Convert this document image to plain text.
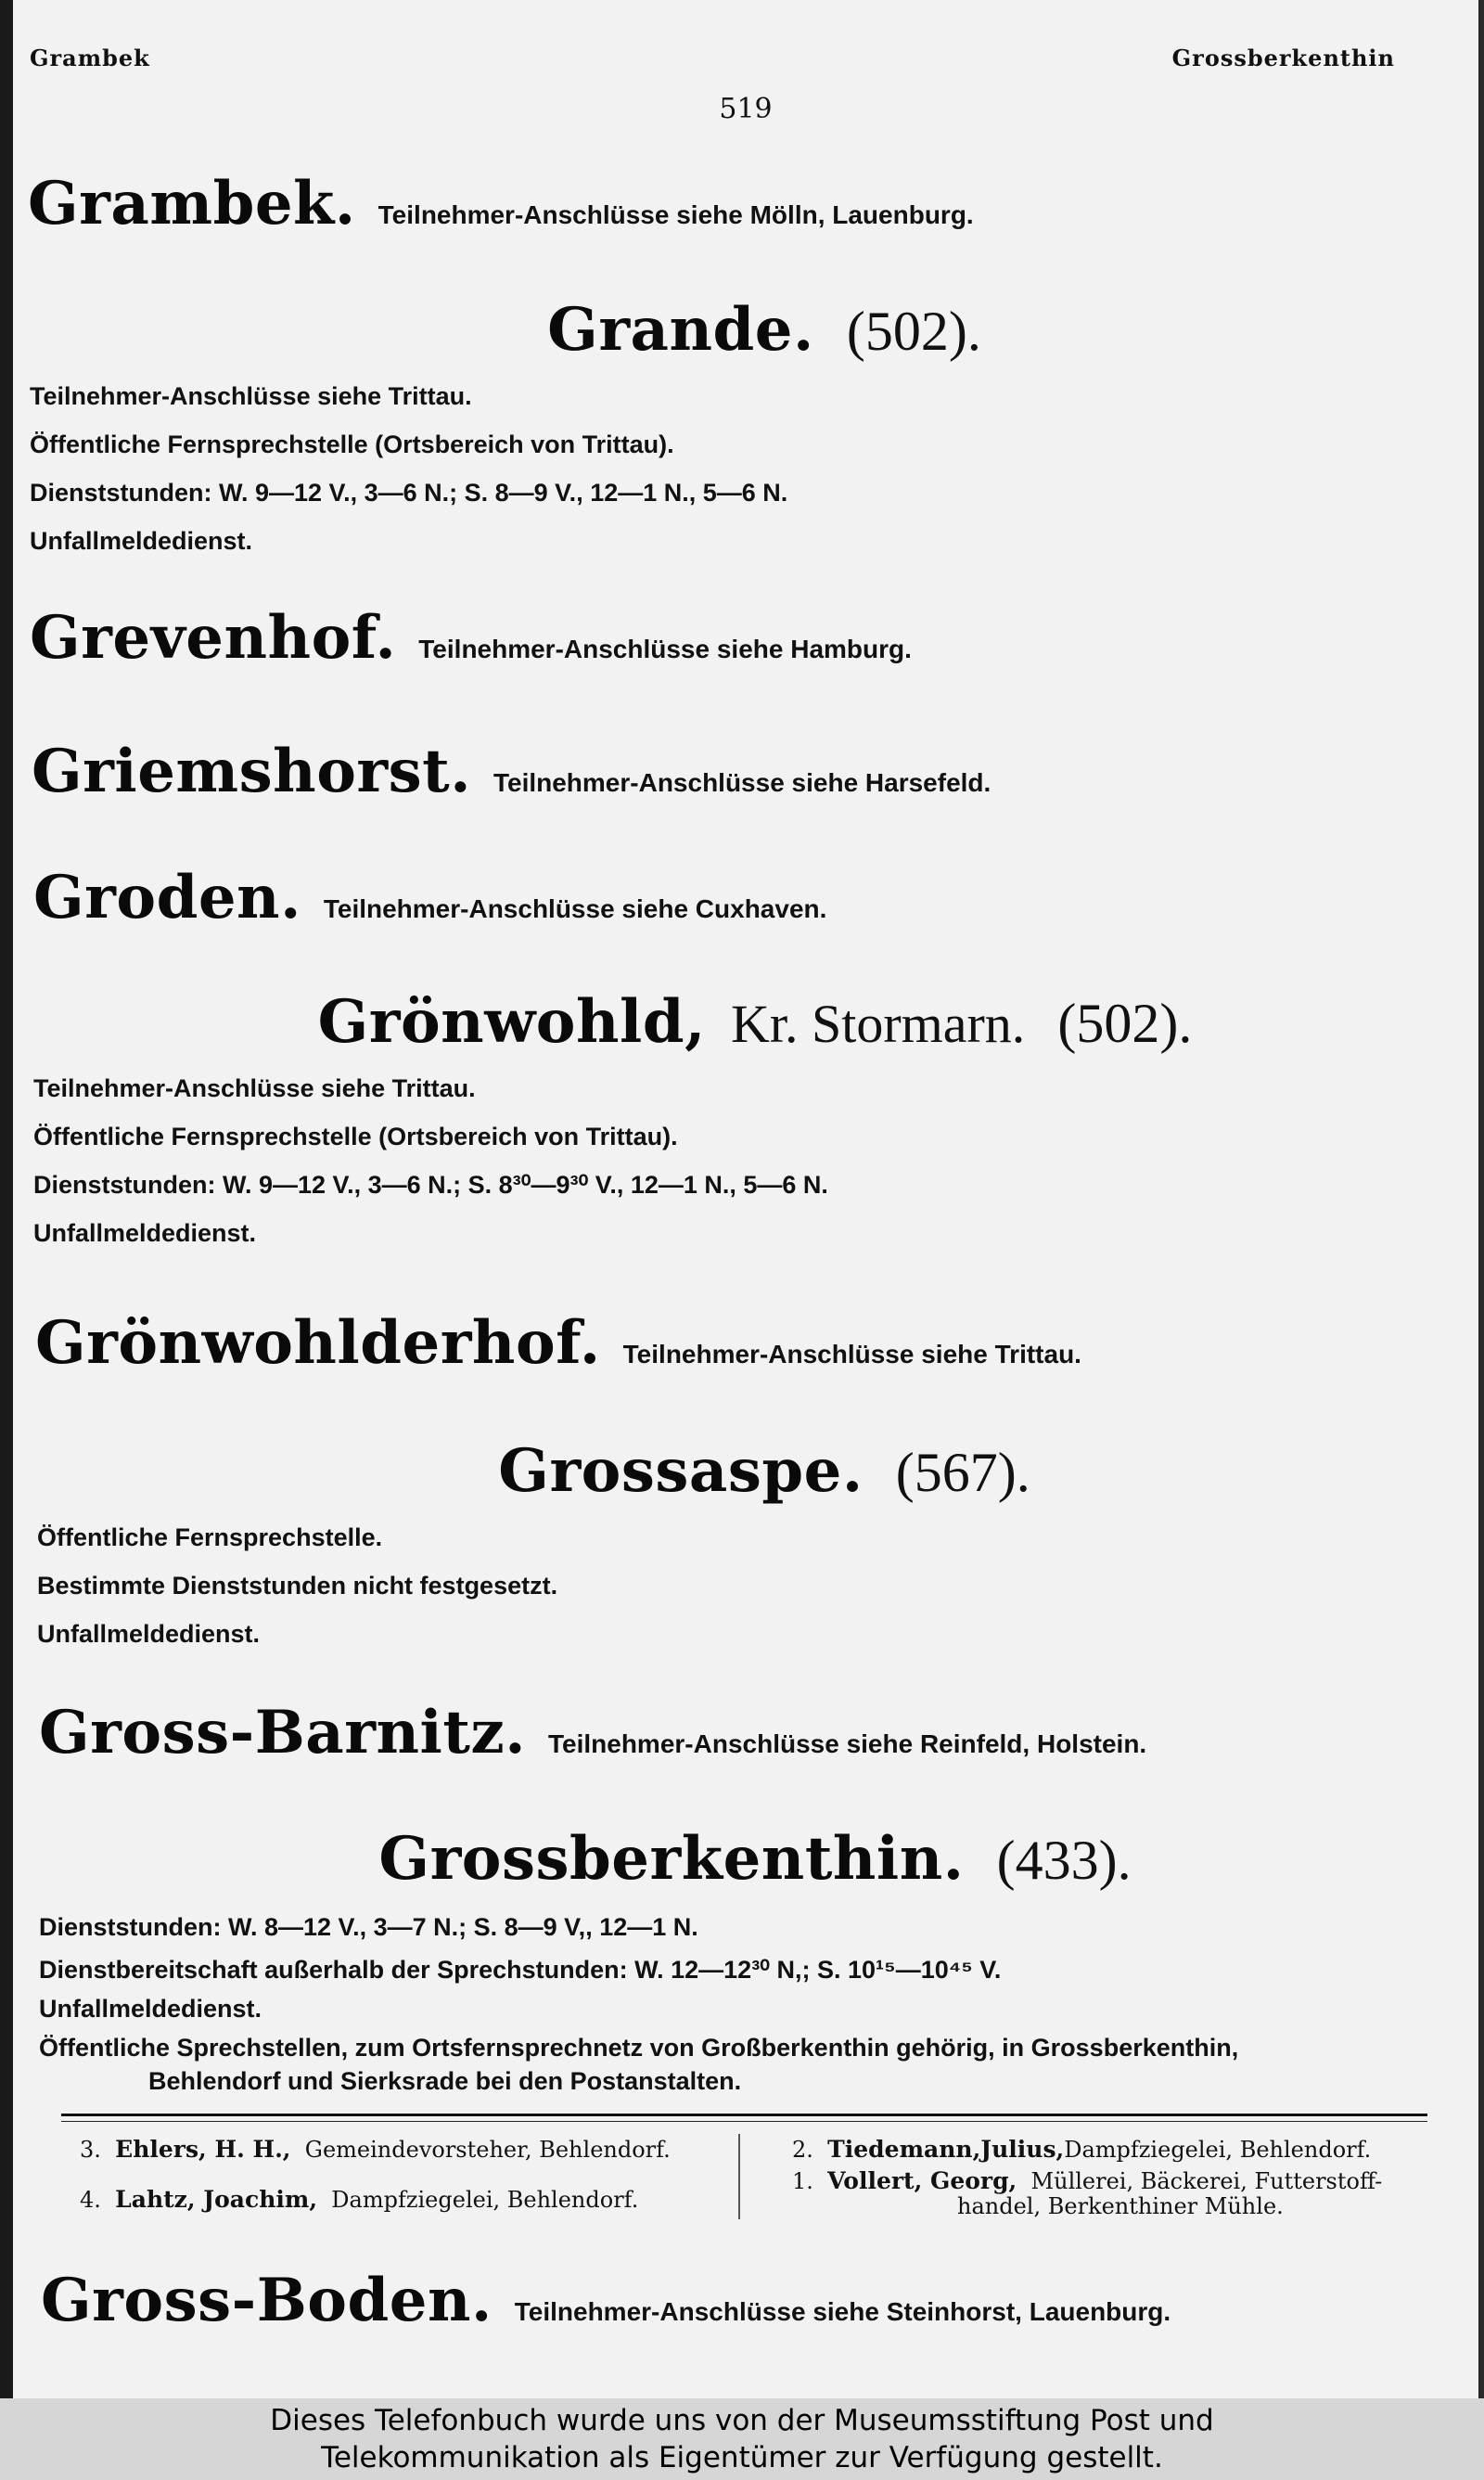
Grambek	Grossberkenthin
519
Grambek. Teilnehmer-Anschlüsse siehe Mölln, Lauenburg.
Grande. (502).
Teilnehmer-Anschlüsse siehe Trittau.
Öffentliche Fernsprechstelle (Ortsbereich von Trittau).
Dienststunden: W. 9—12 V., 3—6 N.; S. 8—9 V., 12—1 N., 5—6 N.
Unfallmeldedienst.
Grevenhof. Teilnehmer-Anschlüsse siehe Hamburg.
Griemshorst. Teilnehmer-Anschlüsse siehe Harsefeld.
Groden. Teilnehmer-Anschlüsse siehe Cuxhaven.
Grönwohld, Kr. Stormarn. (502).
Teilnehmer-Anschlüsse siehe Trittau.
Öffentliche Fernsprechstelle (Ortsbereich von Trittau).
Dienststunden: W. 9—12 V., 3—6 N.; S. 8³⁰—9³⁰ V., 12—1 N., 5—6 N.
Unfallmeldedienst.
Grönwohlderhof. Teilnehmer-Anschlüsse siehe Trittau.
Grossaspe. (567).
Öffentliche Fernsprechstelle.
Bestimmte Dienststunden nicht festgesetzt.
Unfallmeldedienst.
Gross-Barnitz. Teilnehmer-Anschlüsse siehe Reinfeld, Holstein.
Grossberkenthin. (433).
Dienststunden: W. 8—12 V., 3—7 N.; S. 8—9 V,, 12—1 N.
Dienstbereitschaft außerhalb der Sprechstunden: W. 12—12³⁰ N,; S. 10¹⁵—10⁴⁵ V.
Unfallmeldedienst.
Öffentliche Sprechstellen, zum Ortsfernsprechnetz von Großberkenthin gehörig, in Grossberkenthin,
Behlendorf und Sierksrade bei den Postanstalten.
3. Ehlers, H. H., Gemeindevorsteher, Behlendorf.
4. Lahtz, Joachim, Dampfziegelei, Behlendorf.
2. Tiedemann,Julius,Dampfziegelei, Behlendorf.
1. Vollert, Georg, Müllerei, Bäckerei, Futterstoff-
handel, Berkenthiner Mühle.
Gross-Boden. Teilnehmer-Anschlüsse siehe Steinhorst, Lauenburg.
Dieses Telefonbuch wurde uns von der Museumsstiftung Post und
Telekommunikation als Eigentümer zur Verfügung gestellt.
